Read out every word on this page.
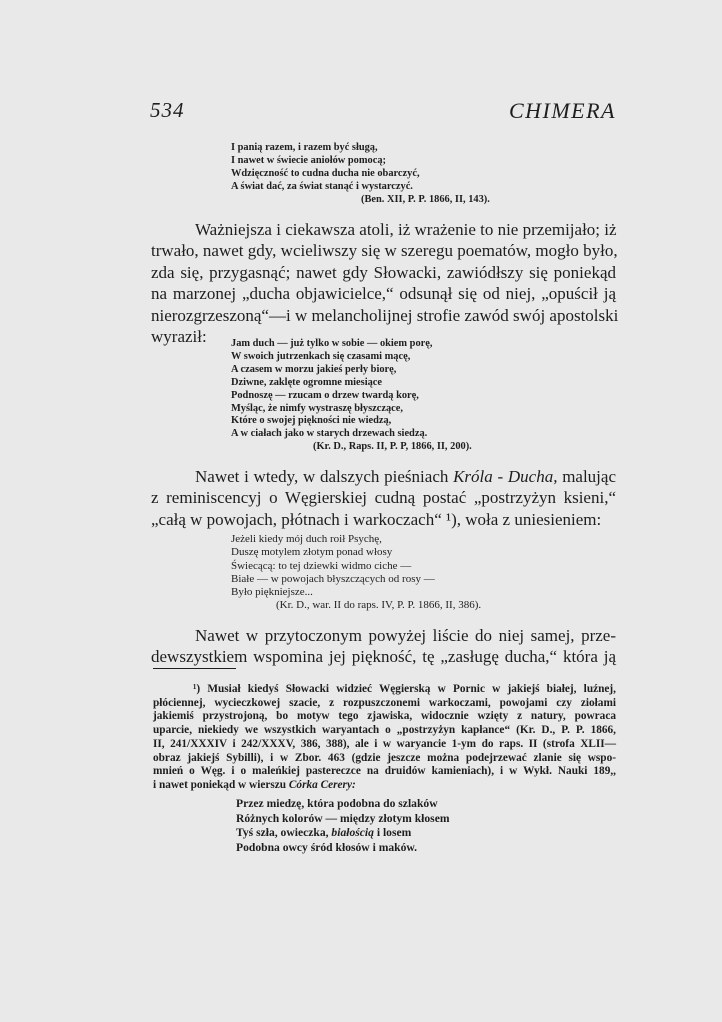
534	CHIMERA
I panią razem, i razem być sługą,
I nawet w świecie aniołów pomocą;
Wdzięczność to cudna ducha nie obarczyć,
A świat dać, za świat stanąć i wystarczyć.
(Ben. XII, P. P. 1866, II, 143).
Ważniejsza i ciekawsza atoli, iż wrażenie to nie przemijało; iż
trwało, nawet gdy, wcieliwszy się w szeregu poematów, mogło było,
zda się, przygasnąć; nawet gdy Słowacki, zawiódłszy się poniekąd
na marzonej „ducha objawicielce,“ odsunął się od niej, „opuścił ją
nierozgrzeszoną“—i w melancholijnej strofie zawód swój apostolski
wyraził:	Jam duch — już tylko w sobie — okiem porę,
W swoich jutrzenkach się czasami mącę,
A czasem w morzu jakieś perły biorę,
Dziwne, zaklęte ogromne miesiące
Podnoszę — rzucam o drzew twardą korę,
Myśląc, że nimfy wystraszę błyszczące,
Które o swojej piękności nie wiedzą,
A w ciałach jako w starych drzewach siedzą.
(Kr. D., Raps. II, P. P, 1866, II, 200).
Nawet i wtedy, w dalszych pieśniach Króla - Ducha, malując
z reminiscencyj o Węgierskiej cudną postać „postrzyżyn ksieni,“
„całą w powojach, płótnach i warkoczach“ ¹), woła z uniesieniem:
Jeżeli kiedy mój duch roił Psychę,
Duszę motylem złotym ponad włosy
Świecącą: to tej dziewki widmo ciche —
Białe — w powojach błyszczących od rosy —
Było piękniejsze...
(Kr. D., war. II do raps. IV, P. P. 1866, II, 386).
Nawet w przytoczonym powyżej liście do niej samej, prze-
dewszystkiem wspomina jej piękność, tę „zasługę ducha,“ która ją
¹) Musiał kiedyś Słowacki widzieć Węgierską w Pornic w jakiejś białej, luźnej,
płóciennej, wycieczkowej szacie, z rozpuszczonemi warkoczami, powojami czy ziołami
jakiemiś przystrojoną, bo motyw tego zjawiska, widocznie wzięty z natury, powraca
uparcie, niekiedy we wszystkich waryantach o „postrzyżyn kapłance“ (Kr. D., P. P. 1866,
II, 241/XXXIV i 242/XXXV, 386, 388), ale i w waryancie 1-ym do raps. II (strofa XLII—
obraz jakiejś Sybilli), i w Zbor. 463 (gdzie jeszcze można podejrzewać zlanie się wspo-
mnień o Węg. i o maleńkiej pastereczce na druidów kamieniach), i w Wykł. Nauki 189,,
i nawet poniekąd w wierszu Córka Cerery:
Przez miedzę, która podobna do szlaków
Różnych kolorów — między złotym kłosem
Tyś szła, owieczka, białością i losem
Podobna owcy śród kłosów i maków.
